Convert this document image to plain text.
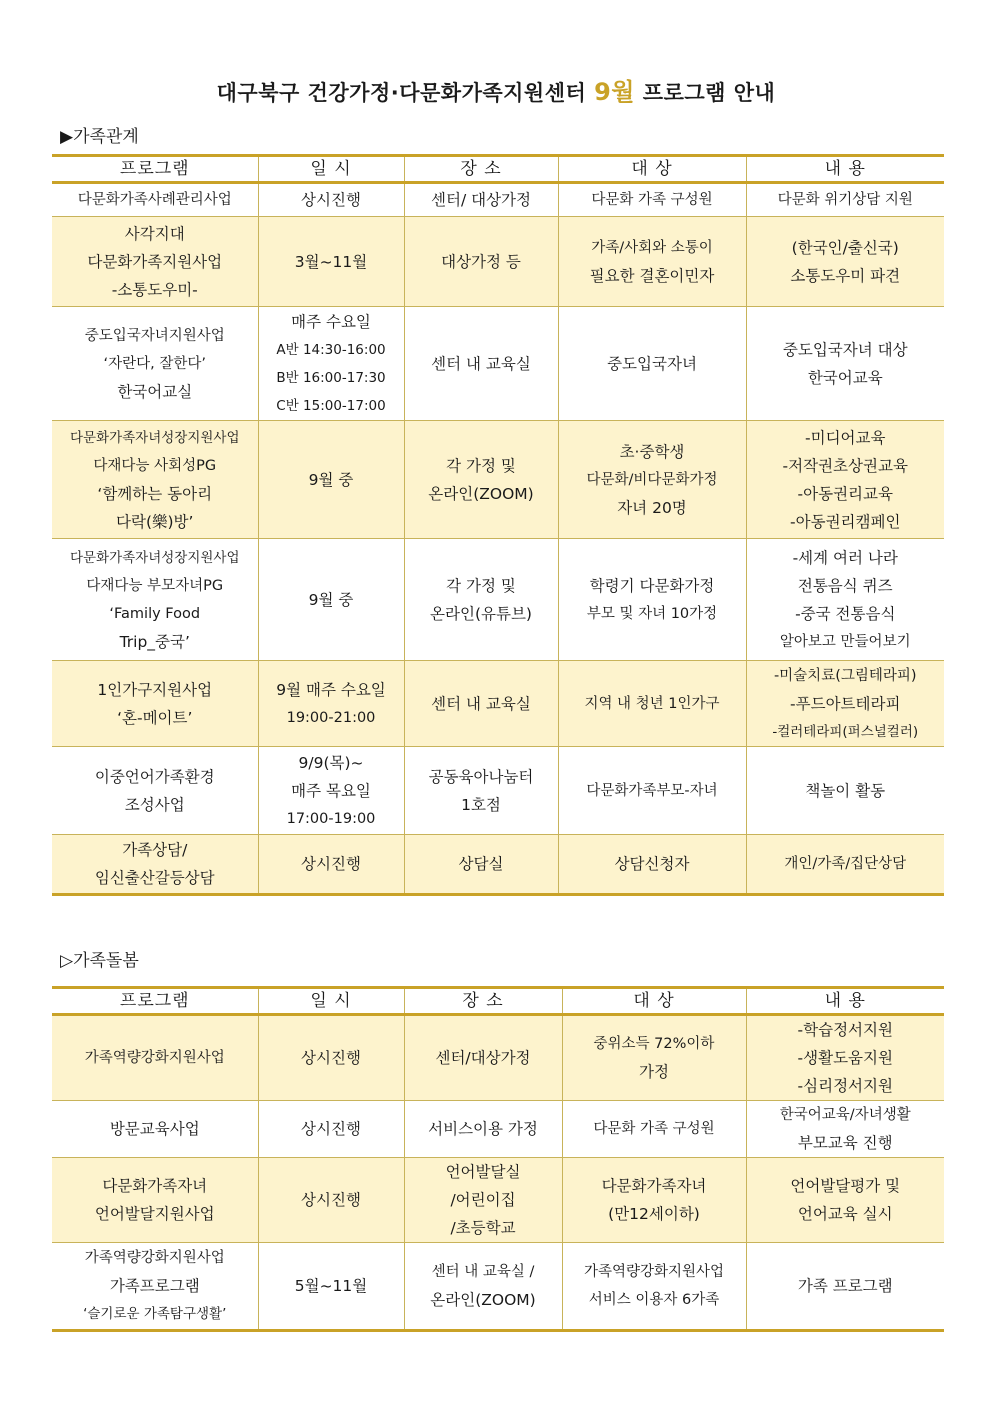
대구북구 건강가정·다문화가족지원센터 9월 프로그램 안내
▶가족관계
프로그램	일 시	장 소	대 상	내 용

다문화가족사례관리사업	상시진행	센터/ 대상가정	다문화 가족 구성원	다문화 위기상담 지원

사각지대
다문화가족지원사업
-소통도우미-	3월~11월	대상가정 등	가족/사회와 소통이
필요한 결혼이민자	(한국인/출신국)
소통도우미 파견

중도입국자녀지원사업
‘자란다, 잘한다’
한국어교실	매주 수요일
A반 14:30-16:00
B반 16:00-17:30
C반 15:00-17:00	센터 내 교육실	중도입국자녀	중도입국자녀 대상
한국어교육

다문화가족자녀성장지원사업
다재다능 사회성PG
‘함께하는 동아리
다락(樂)방’	9월 중	각 가정 및
온라인(ZOOM)	초·중학생
다문화/비다문화가정
자녀 20명	-미디어교육
-저작권초상권교육
-아동권리교육
-아동권리캠페인

다문화가족자녀성장지원사업
다재다능 부모자녀PG
‘Family Food
Trip_중국’	9월 중	각 가정 및
온라인(유튜브)	학령기 다문화가정
부모 및 자녀 10가정	-세계 여러 나라
전통음식 퀴즈
-중국 전통음식
알아보고 만들어보기

1인가구지원사업
‘혼-메이트’	9월 매주 수요일
19:00-21:00	센터 내 교육실	지역 내 청년 1인가구	-미술치료(그림테라피)
-푸드아트테라피
-컬러테라피(퍼스널컬러)

이중언어가족환경
조성사업	9/9(목)~
매주 목요일
17:00-19:00	공동육아나눔터
1호점	다문화가족부모-자녀	책놀이 활동

가족상담/
임신출산갈등상담	상시진행	상담실	상담신청자	개인/가족/집단상담
▷가족돌봄
프로그램	일 시	장 소	대 상	내 용

가족역량강화지원사업	상시진행	센터/대상가정	중위소득 72%이하
가정	-학습정서지원
-생활도움지원
-심리정서지원

방문교육사업	상시진행	서비스이용 가정	다문화 가족 구성원	한국어교육/자녀생활
부모교육 진행

다문화가족자녀
언어발달지원사업	상시진행	언어발달실
/어린이집
/초등학교	다문화가족자녀
(만12세이하)	언어발달평가 및
언어교육 실시

가족역량강화지원사업
가족프로그램
‘슬기로운 가족탐구생활’	5월~11월	센터 내 교육실 /
온라인(ZOOM)	가족역량강화지원사업
서비스 이용자 6가족	가족 프로그램
